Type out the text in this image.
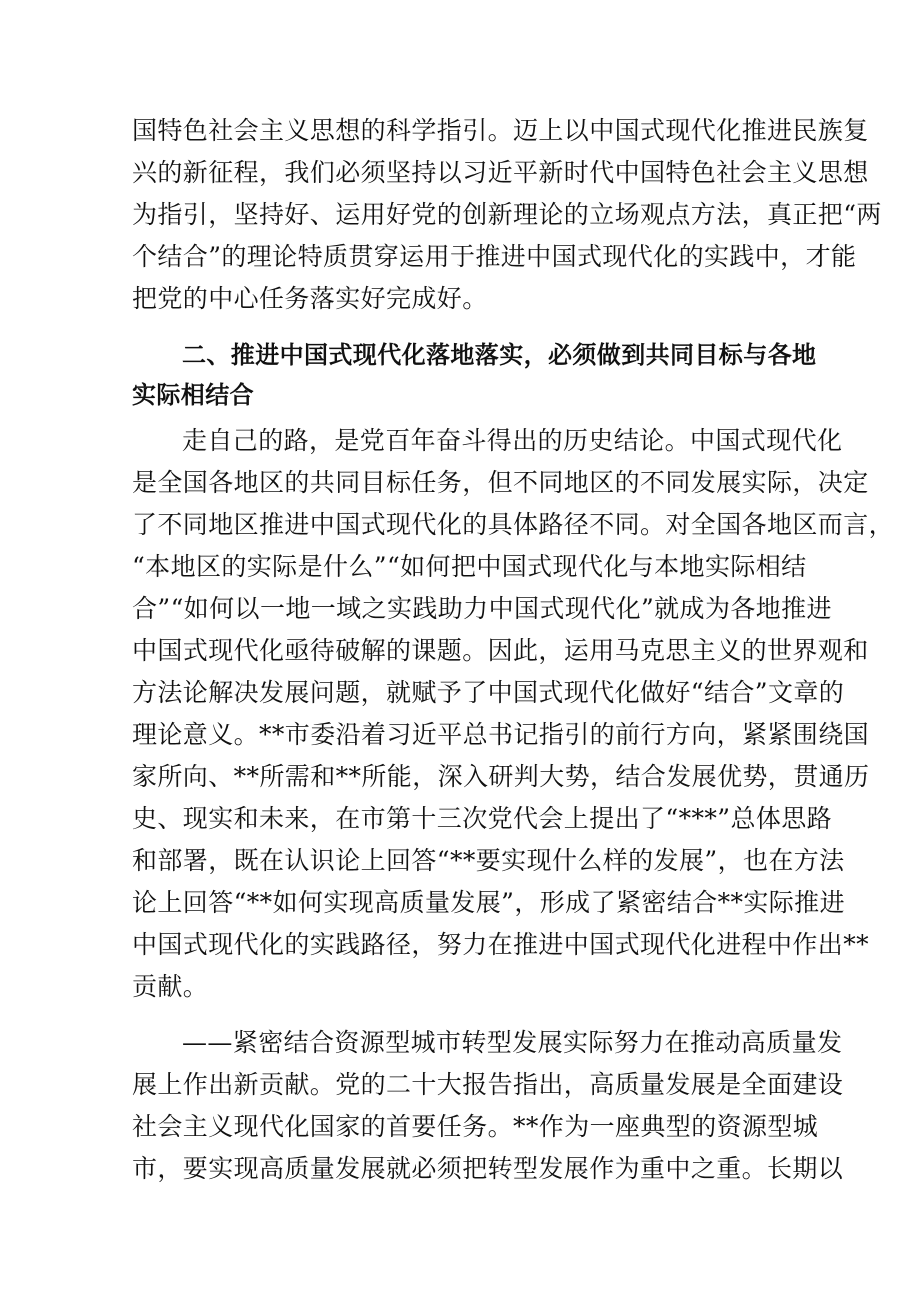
国特色社会主义思想的科学指引。迈上以中国式现代化推进民族复
兴的新征程，我们必须坚持以习近平新时代中国特色社会主义思想
为指引，坚持好、运用好党的创新理论的立场观点方法，真正把“两
个结合”的理论特质贯穿运用于推进中国式现代化的实践中，才能
把党的中心任务落实好完成好。
二、推进中国式现代化落地落实，必须做到共同目标与各地
实际相结合
走自己的路，是党百年奋斗得出的历史结论。中国式现代化
是全国各地区的共同目标任务，但不同地区的不同发展实际，决定
了不同地区推进中国式现代化的具体路径不同。对全国各地区而言，
“本地区的实际是什么”“如何把中国式现代化与本地实际相结
合”“如何以一地一域之实践助力中国式现代化”就成为各地推进
中国式现代化亟待破解的课题。因此，运用马克思主义的世界观和
方法论解决发展问题，就赋予了中国式现代化做好“结合”文章的
理论意义。**市委沿着习近平总书记指引的前行方向，紧紧围绕国
家所向、**所需和**所能，深入研判大势，结合发展优势，贯通历
史、现实和未来，在市第十三次党代会上提出了“***”总体思路
和部署，既在认识论上回答“**要实现什么样的发展”，也在方法
论上回答“**如何实现高质量发展”，形成了紧密结合**实际推进
中国式现代化的实践路径，努力在推进中国式现代化进程中作出**
贡献。
——紧密结合资源型城市转型发展实际努力在推动高质量发
展上作出新贡献。党的二十大报告指出，高质量发展是全面建设
社会主义现代化国家的首要任务。**作为一座典型的资源型城
市，要实现高质量发展就必须把转型发展作为重中之重。长期以
